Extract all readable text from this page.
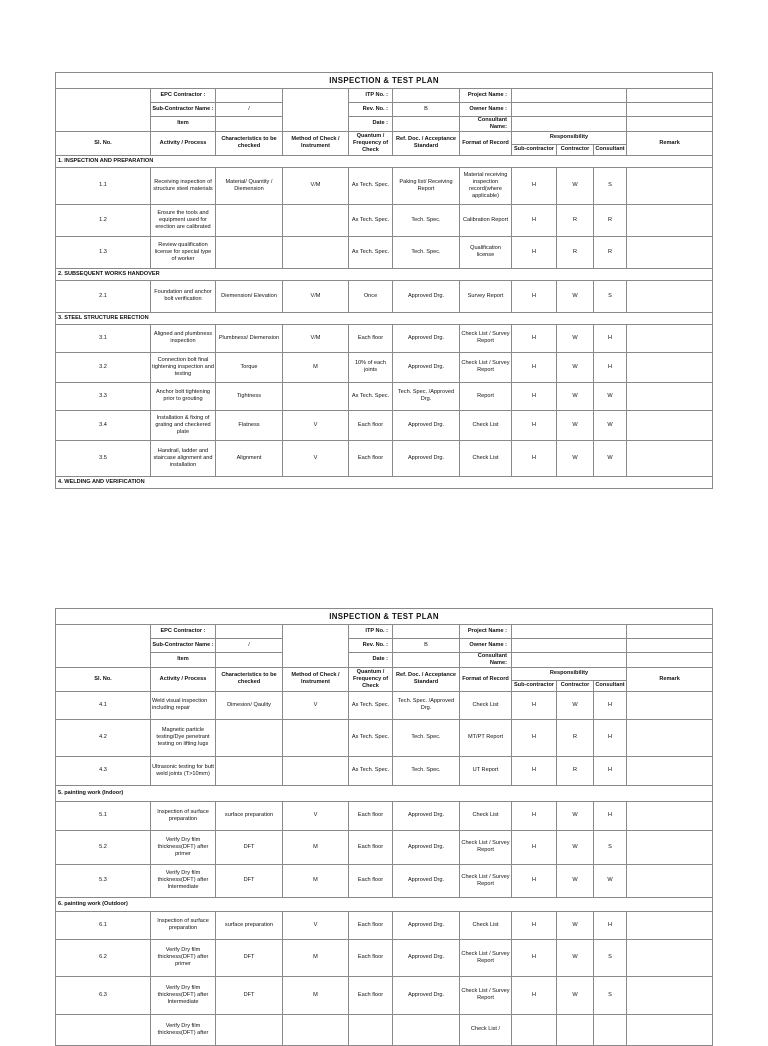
INSPECTION & TEST PLAN										
	EPC Contractor :			ITP No. :		Project Name :				
	Sub-Contractor Name :	/		Rev. No. :	B	Owner Name :				
	Item			Date :		Consultant Name:				
Sl. No.	Activity / Process	Characteristics to be checked	Method of Check / Instrument	Quantum / Frequency of Check	Ref. Doc. / Acceptance Standard	Format of Record	Responsibility			Remark
							Sub-contractor	Contractor	Consultant	
1. INSPECTION AND PREPARATION										
1.1	Receiving inspection of structure steel materials	Material/ Quantity / Diemension	V/M	As Tech. Spec.	Paking list/ Receiving Report	Material receiving inspection record(where applicable)	H	W	S	
1.2	Ensure the tools and equipment used for erection are calibrated			As Tech. Spec.	Tech. Spec.	Calibration Report	H	R	R	
1.3	Review qualification license for special type of worker			As Tech. Spec.	Tech. Spec.	Qualification license	H	R	R	
2. SUBSEQUENT WORKS HANDOVER										
2.1	Foundation and anchor bolt verification	Diemension/ Elevation	V/M	Once	Approved Drg.	Survey Report	H	W	S	
3. STEEL STRUCTURE ERECTION										
3.1	Aligned and plumbness inspection	Plumbness/ Diemension	V/M	Each floor	Approved Drg.	Check List / Survey Report	H	W	H	
3.2	Connection bolt final tightening inspection and testing	Torque	M	10% of each joints	Approved Drg.	Check List / Survey Report	H	W	H	
3.3	Anchor bolt tightening prior to grouting	Tightness		As Tech. Spec.	Tech. Spec. /Approved Drg.	Report	H	W	W	
3.4	Installation & fixing of grating and checkered plate	Flatness	V	Each floor	Approved Drg.	Check List	H	W	W	
3.5	Handrail, ladder and staircase alignment and installation	Alignment	V	Each floor	Approved Drg.	Check List	H	W	W	
4. WELDING AND VERIFICATION										
INSPECTION & TEST PLAN										
	EPC Contractor :			ITP No. :		Project Name :				
	Sub-Contractor Name :	/		Rev. No. :	B	Owner Name :				
	Item			Date :		Consultant Name:				
Sl. No.	Activity / Process	Characteristics to be checked	Method of Check / Instrument	Quantum / Frequency of Check	Ref. Doc. / Acceptance Standard	Format of Record	Responsibility			Remark
							Sub-contractor	Contractor	Consultant	
4.1	Weld visual inspection including repair	Dimesion/ Qaulity	V	As Tech. Spec.	Tech. Spec. /Approved Drg.	Check List	H	W	H	
4.2	Magnetic particle testing/Dye penetrant testing on lifting lugs			As Tech. Spec.	Tech. Spec.	MT/PT Report	H	R	H	
4.3	Ultrasonic testing for butt weld joints (T>10mm)			As Tech. Spec.	Tech. Spec.	UT Report	H	R	H	
5. painting work (Indoor)										
5.1	Inspection of surface preparation	surface preparation	V	Each floor	Approved Drg.	Check List	H	W	H	
5.2	Verify Dry film thickness(DFT) after primer	DFT	M	Each floor	Approved Drg.	Check List / Survey Report	H	W	S	
5.3	Verify Dry film thickness(DFT) after Intermediate	DFT	M	Each floor	Approved Drg.	Check List / Survey Report	H	W	W	
6. painting work (Outdoor)										
6.1	Inspection of surface preparation	surface preparation	V	Each floor	Approved Drg.	Check List	H	W	H	
6.2	Verify Dry film thickness(DFT) after primer	DFT	M	Each floor	Approved Drg.	Check List / Survey Report	H	W	S	
6.3	Verify Dry film thickness(DFT) after Intermediate	DFT	M	Each floor	Approved Drg.	Check List / Survey Report	H	W	S	
	Verify Dry film thickness(DFT) after					Check List /				
